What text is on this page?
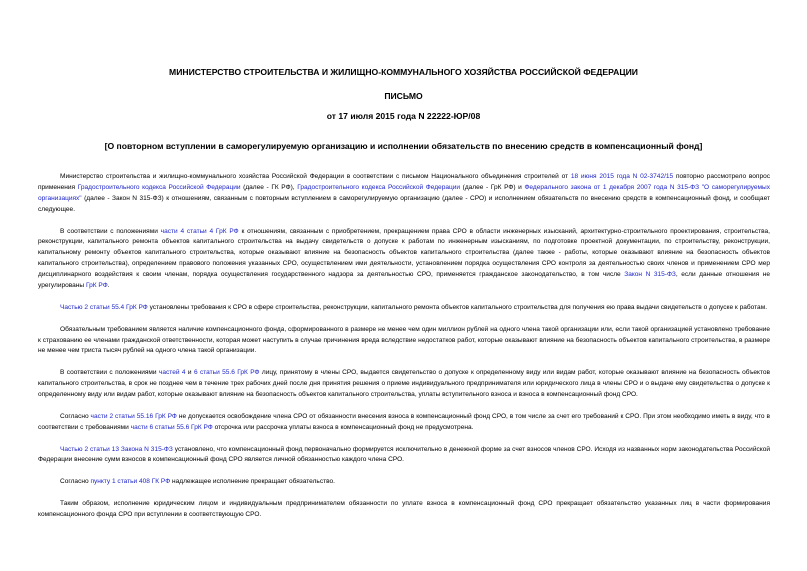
МИНИСТЕРСТВО СТРОИТЕЛЬСТВА И ЖИЛИЩНО-КОММУНАЛЬНОГО ХОЗЯЙСТВА РОССИЙСКОЙ ФЕДЕРАЦИИ
ПИСЬМО
от 17 июля 2015 года N 22222-ЮР/08
[О повторном вступлении в саморегулируемую организацию и исполнении обязательств по внесению средств в компенсационный фонд]

Министерство строительства и жилищно-коммунального хозяйства Российской Федерации в соответствии с письмом Национального объединения строителей от 18 июня 2015 года N 02-3742/15 повторно рассмотрело вопрос применения Градостроительного кодекса Российской Федерации (далее - ГК РФ), Градостроительного кодекса Российской Федерации (далее - ГрК РФ) и Федерального закона от 1 декабря 2007 года N 315-ФЗ "О саморегулируемых организациях" (далее - Закон N 315-ФЗ) к отношениям, связанным с повторным вступлением в саморегулируемую организацию (далее - СРО) и исполнением обязательств по внесению средств в компенсационный фонд, и сообщает следующее.

В соответствии с положениями части 4 статьи 4 ГрК РФ к отношениям, связанным с приобретением, прекращением права СРО в области инженерных изысканий, архитектурно-строительного проектирования, строительства, реконструкции, капитального ремонта объектов капитального строительства на выдачу свидетельств о допуске к работам по инженерным изысканиям, по подготовке проектной документации, по строительству, реконструкции, капитальному ремонту объектов капитального строительства, которые оказывают влияние на безопасность объектов капитального строительства (далее также - работы, которые оказывают влияние на безопасность объектов капитального строительства), определением правового положения указанных СРО, осуществлением ими деятельности, установлением порядка осуществления СРО контроля за деятельностью своих членов и применением СРО мер дисциплинарного воздействия к своим членам, порядка осуществления государственного надзора за деятельностью СРО, применяется гражданское законодательство, в том числе Закон N 315-ФЗ, если данные отношения не урегулированы ГрК РФ.

Частью 2 статьи 55.4 ГрК РФ установлены требования к СРО в сфере строительства, реконструкции, капитального ремонта объектов капитального строительства для получения ею права выдачи свидетельств о допуске к работам.

Обязательным требованием является наличие компенсационного фонда, сформированного в размере не менее чем один миллион рублей на одного члена такой организации или, если такой организацией установлено требование к страхованию ее членами гражданской ответственности, которая может наступить в случае причинения вреда вследствие недостатков работ, которые оказывают влияние на безопасность объектов капитального строительства, в размере не менее чем триста тысяч рублей на одного члена такой организации.

В соответствии с положениями частей 4 и 6 статьи 55.6 ГрК РФ лицу, принятому в члены СРО, выдается свидетельство о допуске к определенному виду или видам работ, которые оказывают влияние на безопасность объектов капитального строительства, в срок не позднее чем в течение трех рабочих дней после дня принятия решения о приеме индивидуального предпринимателя или юридического лица в члены СРО и о выдаче ему свидетельства о допуске к определенному виду или видам работ, которые оказывают влияние на безопасность объектов капитального строительства, уплаты вступительного взноса и взноса в компенсационный фонд СРО.

Согласно части 2 статьи 55.16 ГрК РФ не допускается освобождение члена СРО от обязанности внесения взноса в компенсационный фонд СРО, в том числе за счет его требований к СРО. При этом необходимо иметь в виду, что в соответствии с требованиями части 6 статьи 55.6 ГрК РФ отсрочка или рассрочка уплаты взноса в компенсационный фонд не предусмотрена.

Частью 2 статьи 13 Закона N 315-ФЗ установлено, что компенсационный фонд первоначально формируется исключительно в денежной форме за счет взносов членов СРО. Исходя из названных норм законодательства Российской Федерации внесение сумм взносов в компенсационный фонд СРО является личной обязанностью каждого члена СРО.

Согласно пункту 1 статьи 408 ГК РФ надлежащее исполнение прекращает обязательство.

Таким образом, исполнение юридическим лицом и индивидуальным предпринимателем обязанности по уплате взноса в компенсационный фонд СРО прекращает обязательство указанных лиц в части формирования компенсационного фонда СРО при вступлении в соответствующую СРО.
